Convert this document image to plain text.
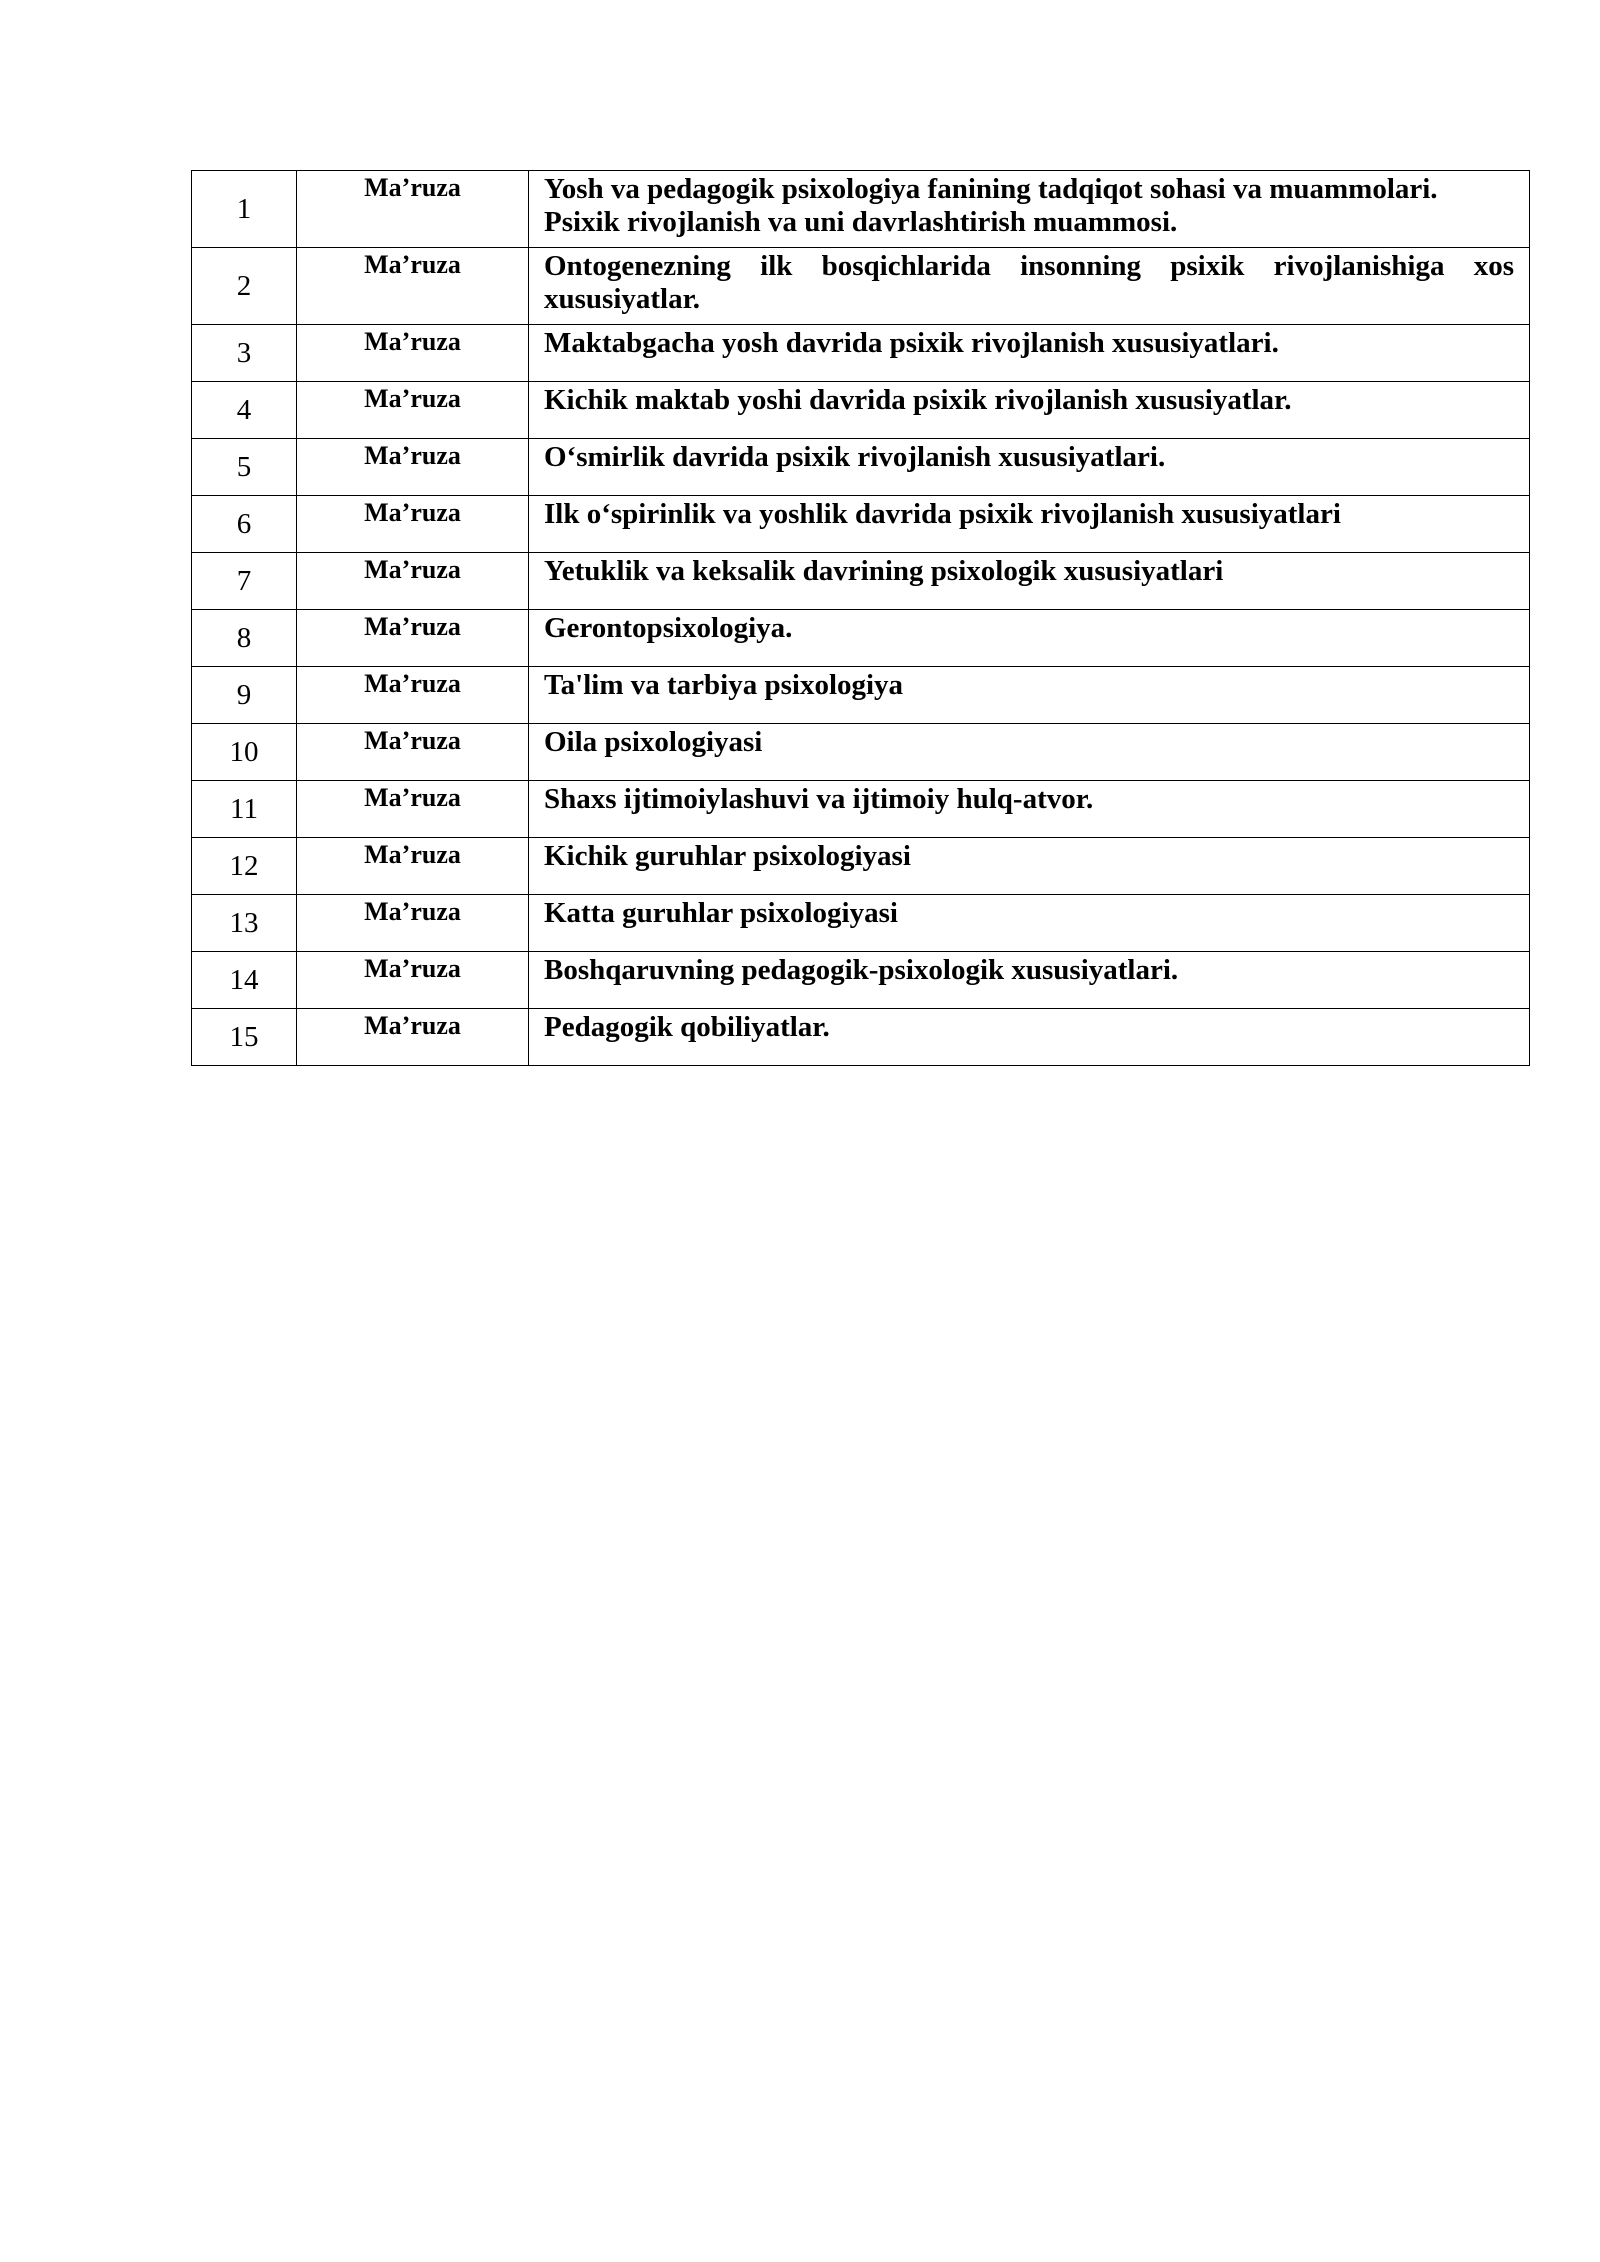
1	Ma’ruza	Yosh va pedagogik psixologiya fanining tadqiqot sohasi va muammolari.
Psixik rivojlanish va uni davrlashtirish muammosi.

2	Ma’ruza	Ontogenezning ilk bosqichlarida insonning psixik rivojlanishiga xos xususiyatlar.
3	Ma’ruza	Maktabgacha yosh davrida psixik rivojlanish xususiyatlari.
4	Ma’ruza	Kichik maktab yoshi davrida psixik rivojlanish xususiyatlar.
5	Ma’ruza	O‘smirlik davrida psixik rivojlanish xususiyatlari.
6	Ma’ruza	Ilk o‘spirinlik va yoshlik davrida psixik rivojlanish xususiyatlari
7	Ma’ruza	Yetuklik va keksalik davrining psixologik xususiyatlari
8	Ma’ruza	Gerontopsixologiya.
9	Ma’ruza	Ta'lim va tarbiya psixologiya
10	Ma’ruza	Oila psixologiyasi
11	Ma’ruza	Shaxs ijtimoiylashuvi va ijtimoiy hulq-atvor.
12	Ma’ruza	Kichik guruhlar psixologiyasi
13	Ma’ruza	Katta guruhlar psixologiyasi
14	Ma’ruza	Boshqaruvning pedagogik-psixologik xususiyatlari.
15	Ma’ruza	Pedagogik qobiliyatlar.
